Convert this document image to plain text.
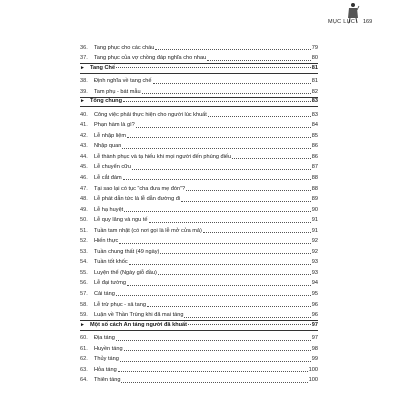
MỤC LỤC 169
36.	Tang phục cho các cháu	79
37.	Tang phục của vợ chồng đáp nghĩa cho nhau	80
► Tang Chế	81
38.	Định nghĩa về tang chế	81
39.	Tam phụ - bát mẫu	82
► Tổng chung	83
40.	Công việc phải thực hiện cho người lúc khuất	83
41.	Phạn hàm là gì?	84
42.	Lễ nhập liệm	85
43.	Nhập quan	86
44.	Lễ thành phục và tạ hiếu khi mọi người đến phúng điếu	86
45.	Lễ chuyển cữu	87
46.	Lễ cắt đám	88
47.	Tại sao lại có tục “cha đưa mẹ đón”?	88
48.	Lễ phát dẫn tức là lễ dẫn đường đi	89
49.	Lễ hạ huyệt	90
50.	Lễ quy lăng và ngu tế	91
51.	Tuần tam nhật (có nơi gọi là lễ mở cửa mả)	91
52.	Hiến thực	92
53.	Tuần chung thất (49 ngày)	92
54.	Tuần tốt khốc	93
55.	Luyện thể (Ngày giỗ đầu)	93
56.	Lễ đại tường	94
57.	Cải táng	95
58.	Lễ trừ phục - xả tang	96
59.	Luận về Thần Trùng khi đã mai táng	96
► Một số cách An táng người đã khuất	97
60.	Địa táng	97
61.	Huyền táng	98
62.	Thủy táng	99
63.	Hỏa táng	100
64.	Thiên táng	100
